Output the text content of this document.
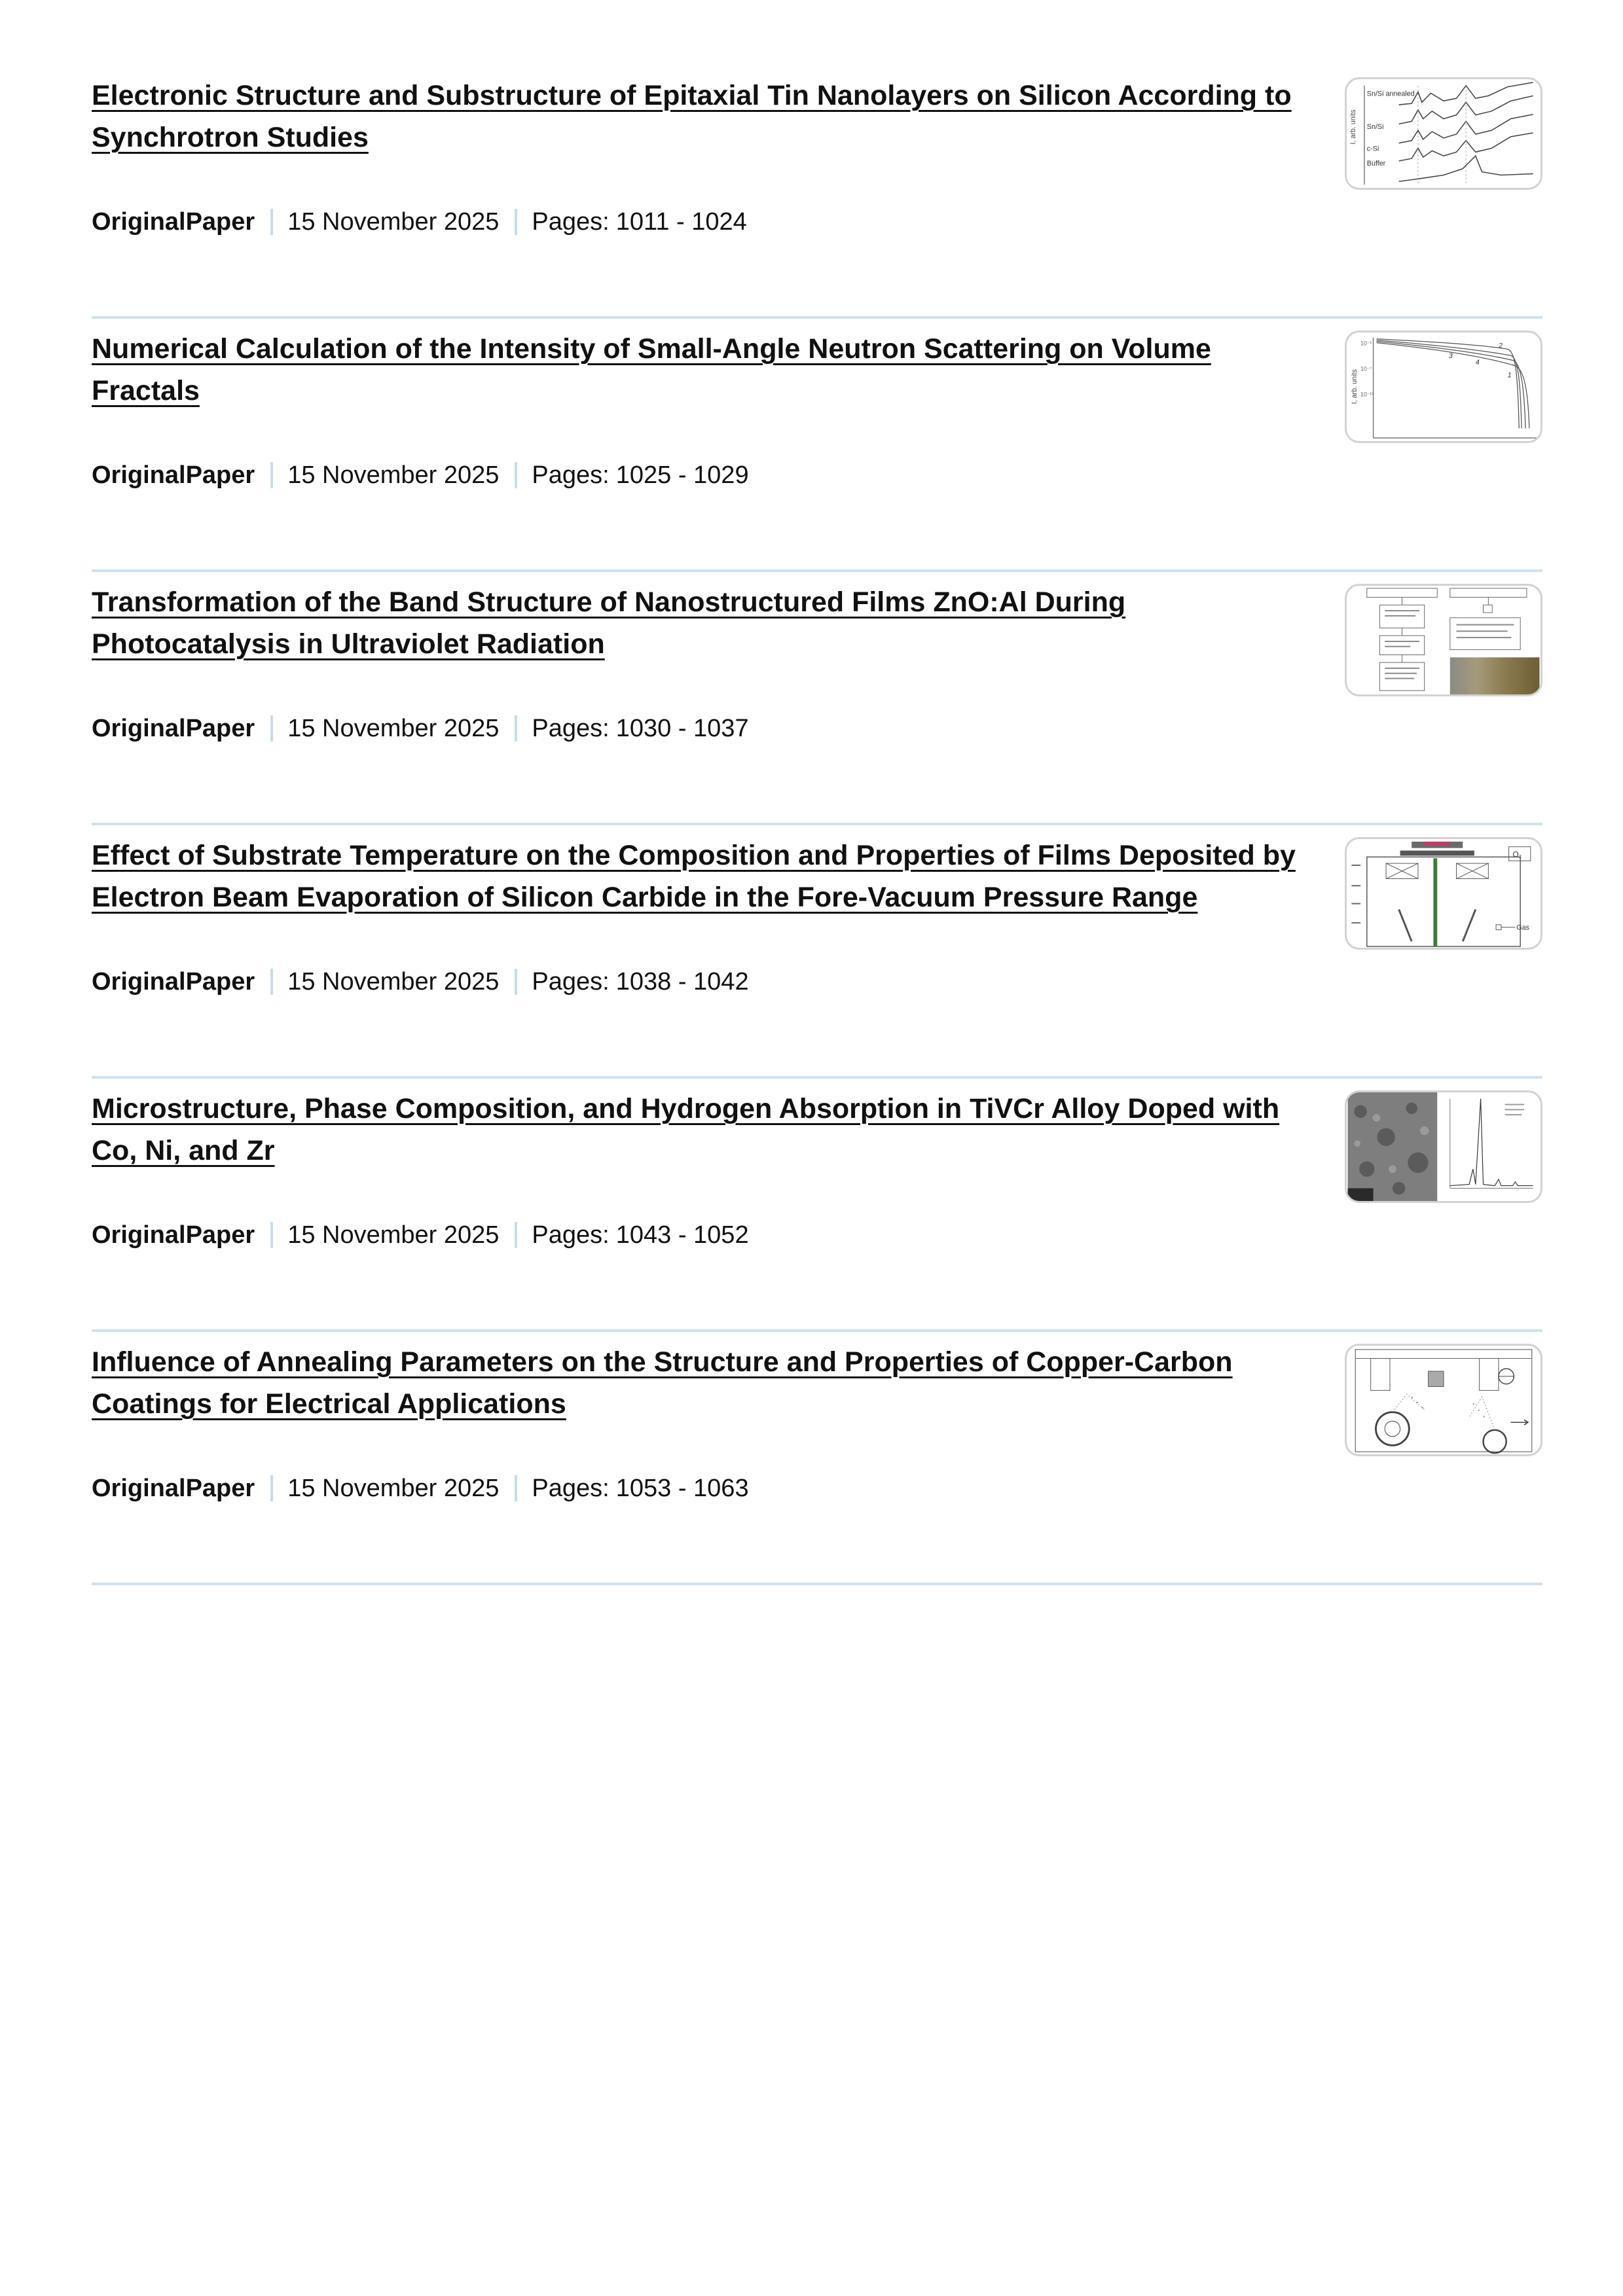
Electronic Structure and Substructure of Epitaxial Tin Nanolayers on Silicon According to Synchrotron Studies
OriginalPaper 15 November 2025 Pages: 1011 - 1024
I, arb. units
Sn/Si annealed
Sn/Si
c-Si
Buffer
Numerical Calculation of the Intensity of Small-Angle Neutron Scattering on Volume Fractals
OriginalPaper 15 November 2025 Pages: 1025 - 1029
I, arb. units
2
3
4
1
10⁻¹
10⁻⁷
10⁻¹³
Transformation of the Band Structure of Nanostructured Films ZnO:Al During Photocatalysis in Ultraviolet Radiation
OriginalPaper 15 November 2025 Pages: 1030 - 1037
Effect of Substrate Temperature on the Composition and Properties of Films Deposited by Electron Beam Evaporation of Silicon Carbide in the Fore-Vacuum Pressure Range
OriginalPaper 15 November 2025 Pages: 1038 - 1042
O₂
Gas
Microstructure, Phase Composition, and Hydrogen Absorption in TiVCr Alloy Doped with Co, Ni, and Zr
OriginalPaper 15 November 2025 Pages: 1043 - 1052
Influence of Annealing Parameters on the Structure and Properties of Copper-Carbon Coatings for Electrical Applications
OriginalPaper 15 November 2025 Pages: 1053 - 1063
